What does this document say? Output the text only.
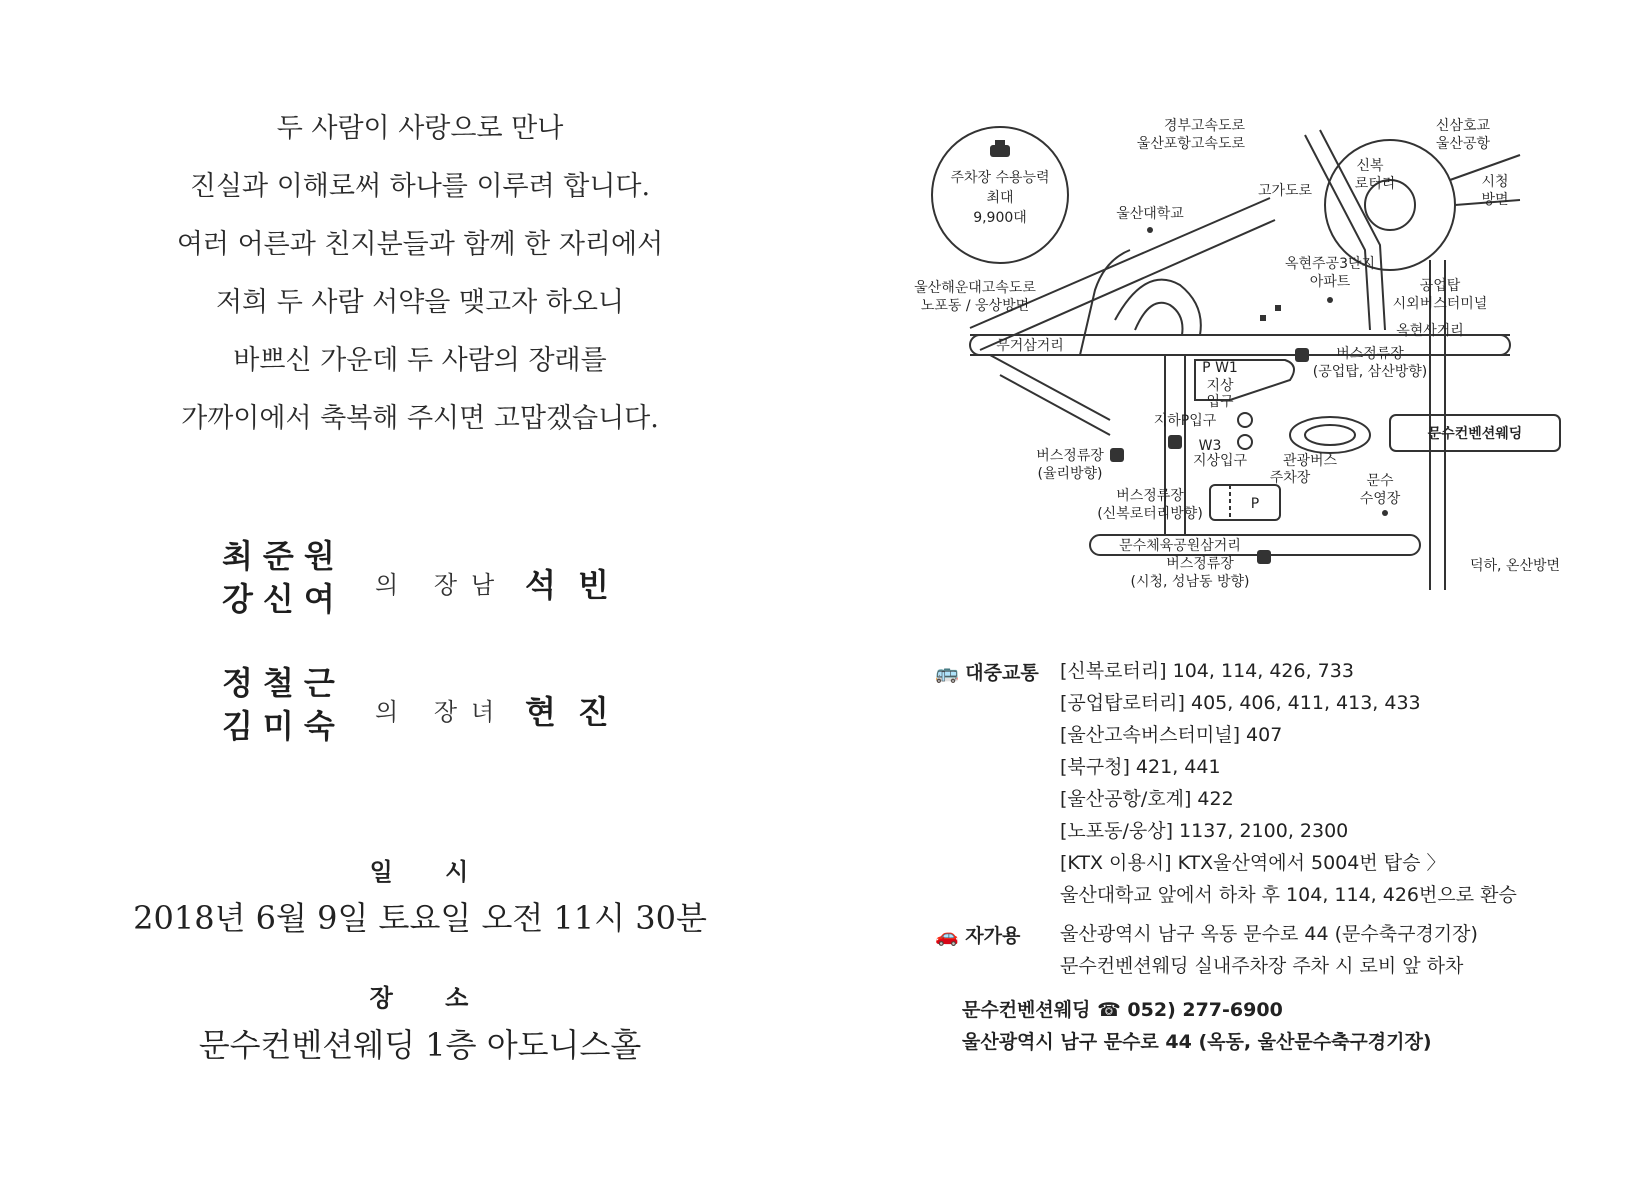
두 사람이 사랑으로 만나
진실과 이해로써 하나를 이루려 합니다.
여러 어른과 친지분들과 함께 한 자리에서
저희 두 사람 서약을 맺고자 하오니
바쁘신 가운데 두 사람의 장래를
가까이에서 축복해 주시면 고맙겠습니다.
최준원
강신여 의 장남 석빈
정철근
김미숙 의 장녀 현진
일 시
2018년 6월 9일 토요일 오전 11시 30분
장 소
문수컨벤션웨딩 1층 아도니스홀
주차장 수용능력
최대
9,900대
경부고속도로
울산포항고속도로
신삼호교
울산공항
신복
로터리	시청
방면
고가도로
울산대학교
옥현주공3단지
아파트	공업탑
시외버스터미널
울산해운대고속도로
노포동 / 웅상방면
무거삼거리
옥현사거리
버스정류장
(공업탑, 삼산방향)
P W1
지상
입구
지하P입구
W3
문수컨벤션웨딩
버스정류장
(율리방향)
지상입구	관광버스
주차장	문수
수영장
P
버스정류장
(신복로터리방향)
문수체육공원삼거리
버스정류장
(시청, 성남동 방향)
덕하, 온산방면
🚌 대중교통	[신복로터리] 104, 114, 426, 733
[공업탑로터리] 405, 406, 411, 413, 433
[울산고속버스터미널] 407
[북구청] 421, 441
[울산공항/호계] 422
[노포동/웅상] 1137, 2100, 2300
[KTX 이용시] KTX울산역에서 5004번 탑승 〉
울산대학교 앞에서 하차 후 104, 114, 426번으로 환승
🚗 자가용	울산광역시 남구 옥동 문수로 44 (문수축구경기장)
문수컨벤션웨딩 실내주차장 주차 시 로비 앞 하차
문수컨벤션웨딩 ☎ 052) 277-6900
울산광역시 남구 문수로 44 (옥동, 울산문수축구경기장)
